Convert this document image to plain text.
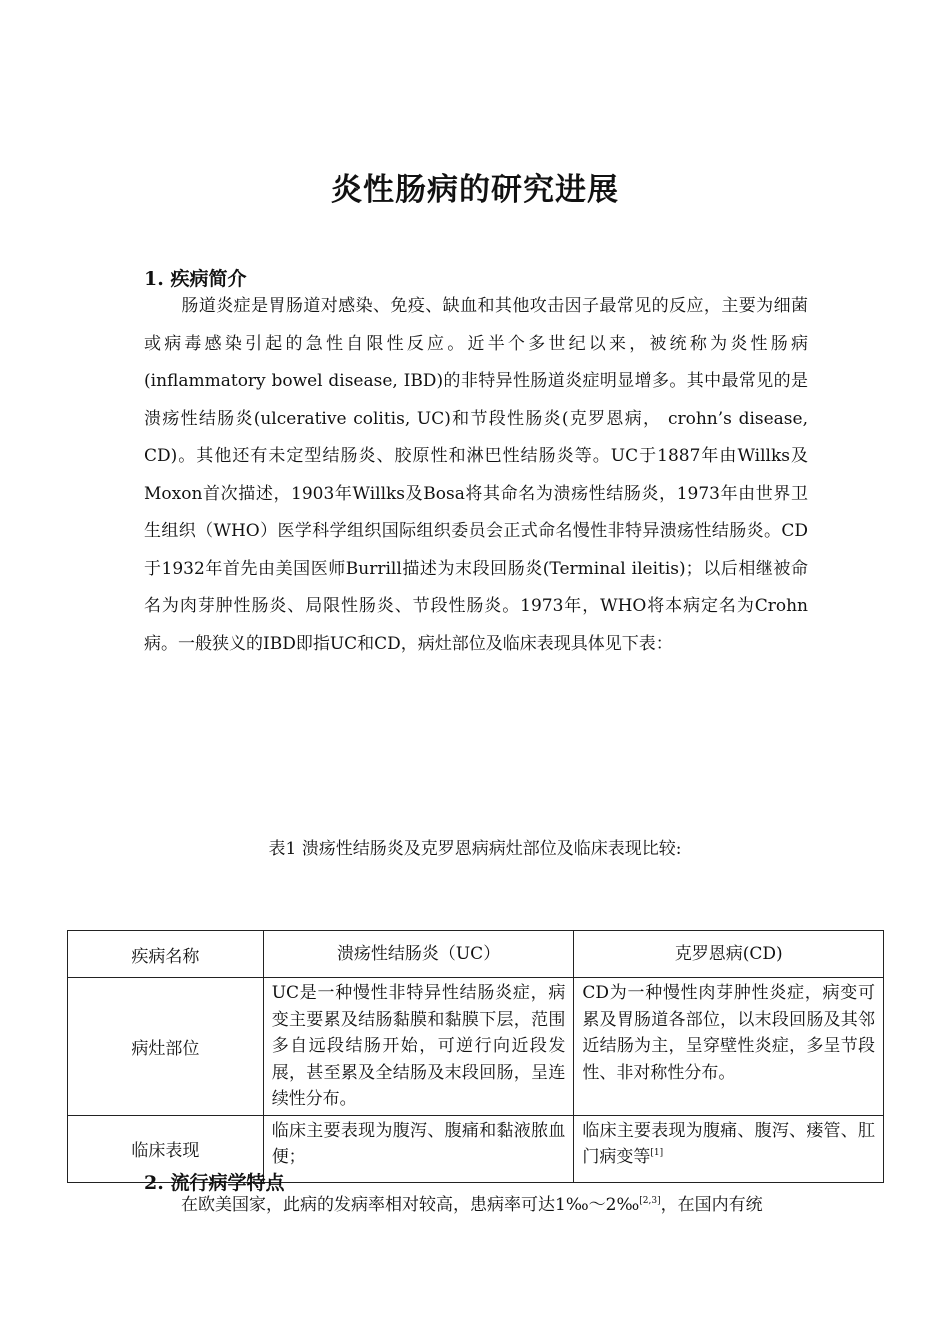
炎性肠病的研究进展
1. 疾病简介
肠道炎症是胃肠道对感染、免疫、缺血和其他攻击因子最常见的反应，主要为细菌或病毒感染引起的急性自限性反应。近半个多世纪以来，被统称为炎性肠病(inflammatory bowel disease, IBD)的非特异性肠道炎症明显增多。其中最常见的是溃疡性结肠炎(ulcerative colitis, UC)和节段性肠炎(克罗恩病， crohn’s disease, CD)。其他还有未定型结肠炎、胶原性和淋巴性结肠炎等。UC于1887年由Willks及Moxon首次描述，1903年Willks及Bosa将其命名为溃疡性结肠炎，1973年由世界卫生组织（WHO）医学科学组织国际组织委员会正式命名慢性非特异溃疡性结肠炎。CD于1932年首先由美国医师Burrill描述为末段回肠炎(Terminal ileitis)；以后相继被命名为肉芽肿性肠炎、局限性肠炎、节段性肠炎。1973年，WHO将本病定名为Crohn病。一般狭义的IBD即指UC和CD，病灶部位及临床表现具体见下表：
表1 溃疡性结肠炎及克罗恩病病灶部位及临床表现比较:
疾病名称	溃疡性结肠炎（UC）	克罗恩病(CD)
病灶部位	UC是一种慢性非特异性结肠炎症，病变主要累及结肠黏膜和黏膜下层，范围多自远段结肠开始，可逆行向近段发展，甚至累及全结肠及末段回肠，呈连续性分布。	CD为一种慢性肉芽肿性炎症，病变可累及胃肠道各部位，以末段回肠及其邻近结肠为主，呈穿壁性炎症，多呈节段性、非对称性分布。
临床表现	临床主要表现为腹泻、腹痛和黏液脓血便；	临床主要表现为腹痛、腹泻、瘘管、肛门病变等[1]
2. 流行病学特点
在欧美国家，此病的发病率相对较高，患病率可达1‰～2‰[2,3]，在国内有统
